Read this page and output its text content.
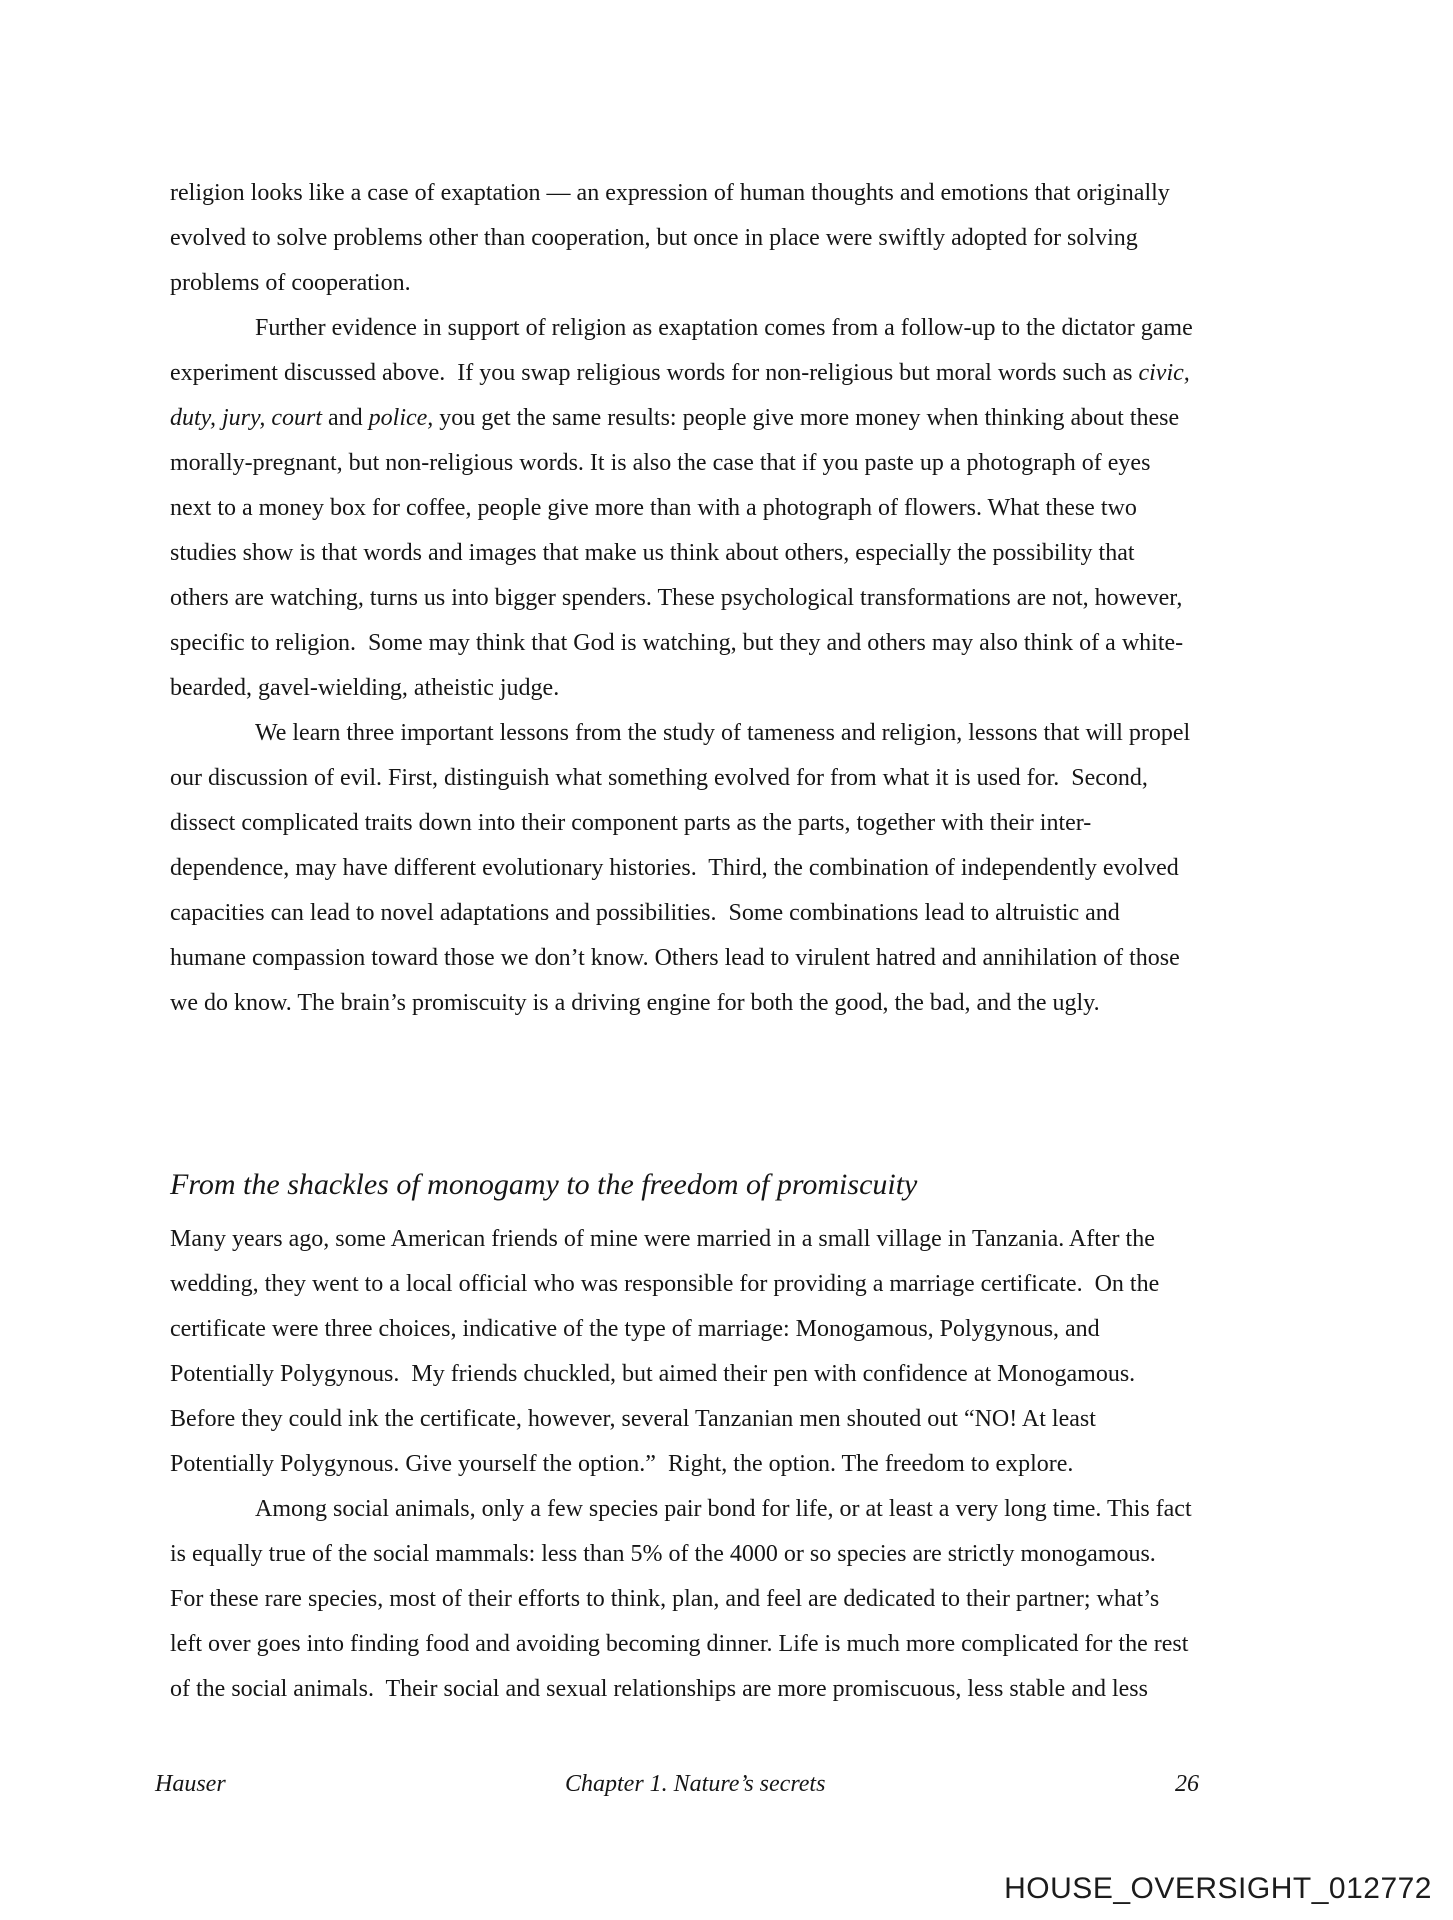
religion looks like a case of exaptation — an expression of human thoughts and emotions that originally
evolved to solve problems other than cooperation, but once in place were swiftly adopted for solving
problems of cooperation.
Further evidence in support of religion as exaptation comes from a follow-up to the dictator game
experiment discussed above.  If you swap religious words for non-religious but moral words such as civic,
duty, jury, court and police, you get the same results: people give more money when thinking about these
morally-pregnant, but non-religious words. It is also the case that if you paste up a photograph of eyes
next to a money box for coffee, people give more than with a photograph of flowers. What these two
studies show is that words and images that make us think about others, especially the possibility that
others are watching, turns us into bigger spenders. These psychological transformations are not, however,
specific to religion.  Some may think that God is watching, but they and others may also think of a white-
bearded, gavel-wielding, atheistic judge.
We learn three important lessons from the study of tameness and religion, lessons that will propel
our discussion of evil. First, distinguish what something evolved for from what it is used for.  Second,
dissect complicated traits down into their component parts as the parts, together with their inter-
dependence, may have different evolutionary histories.  Third, the combination of independently evolved
capacities can lead to novel adaptations and possibilities.  Some combinations lead to altruistic and
humane compassion toward those we don’t know. Others lead to virulent hatred and annihilation of those
we do know. The brain’s promiscuity is a driving engine for both the good, the bad, and the ugly.
From the shackles of monogamy to the freedom of promiscuity
Many years ago, some American friends of mine were married in a small village in Tanzania. After the
wedding, they went to a local official who was responsible for providing a marriage certificate.  On the
certificate were three choices, indicative of the type of marriage: Monogamous, Polygynous, and
Potentially Polygynous.  My friends chuckled, but aimed their pen with confidence at Monogamous.
Before they could ink the certificate, however, several Tanzanian men shouted out “NO! At least
Potentially Polygynous. Give yourself the option.”  Right, the option. The freedom to explore.
Among social animals, only a few species pair bond for life, or at least a very long time. This fact
is equally true of the social mammals: less than 5% of the 4000 or so species are strictly monogamous.
For these rare species, most of their efforts to think, plan, and feel are dedicated to their partner; what’s
left over goes into finding food and avoiding becoming dinner. Life is much more complicated for the rest
of the social animals.  Their social and sexual relationships are more promiscuous, less stable and less
Hauser	Chapter 1. Nature’s secrets	26
HOUSE_OVERSIGHT_012772
